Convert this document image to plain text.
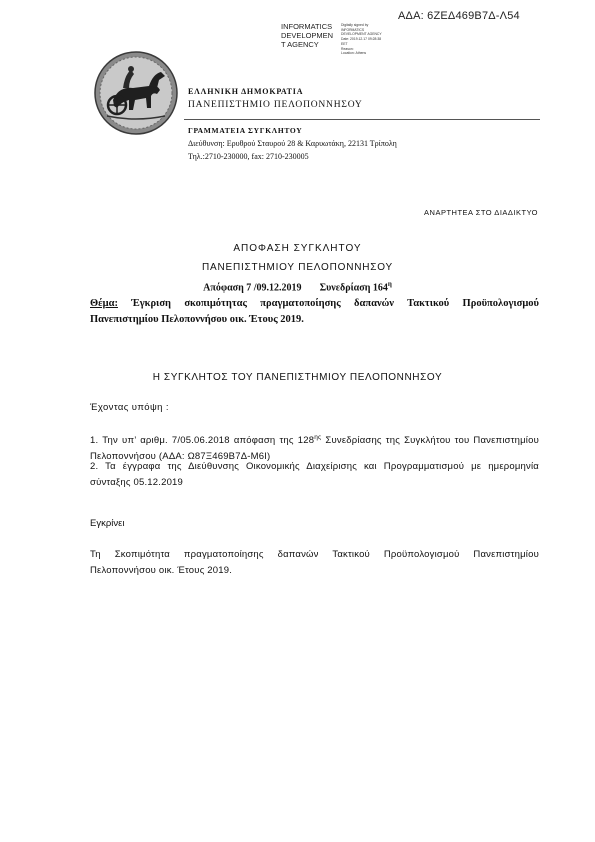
ΑΔΑ: 6ΖΕΔ469Β7Δ-Λ54
INFORMATICS
DEVELOPMEN
T AGENCY
Digitally signed by
INFORMATICS
DEVELOPMENT AGENCY
Date: 2019.12.17 09:28:38
EET
Reason:
Location: Athens
ΕΛΛΗΝΙΚΗ ΔΗΜΟΚΡΑΤΙΑ
ΠΑΝΕΠΙΣΤΗΜΙΟ ΠΕΛΟΠΟΝΝΗΣΟΥ
ΓΡΑΜΜΑΤΕΙΑ ΣΥΓΚΛΗΤΟΥ
Διεύθυνση: Ερυθρού Σταυρού 28 & Καρυωτάκη, 22131 Τρίπολη
Τηλ.:2710-230000, fax: 2710-230005
ΑΝΑΡΤΗΤΕΑ ΣΤΟ ΔΙΑΔΙΚΤΥΟ
ΑΠΟΦΑΣΗ ΣΥΓΚΛΗΤΟΥ
ΠΑΝΕΠΙΣΤΗΜΙΟΥ ΠΕΛΟΠΟΝΝΗΣΟΥ
Απόφαση 7 /09.12.2019 Συνεδρίαση $164^\eta$
Θέμα: Έγκριση σκοπιμότητας πραγματοποίησης δαπανών Τακτικού Προϋπολογισμού Πανεπιστημίου Πελοποννήσου οικ. Έτους 2019.
Η ΣΥΓΚΛΗΤΟΣ ΤΟΥ ΠΑΝΕΠΙΣΤΗΜΙΟΥ ΠΕΛΟΠΟΝΝΗΣΟΥ
Έχοντας υπόψη :
1. Την υπ’ αριθμ. 7/05.06.2018 απόφαση της $128^{\eta\varsigma}$ Συνεδρίασης της Συγκλήτου του Πανεπιστημίου Πελοποννήσου (ΑΔΑ: Ω87Ξ469Β7Δ-Μ6Ι)
2. Τα έγγραφα της Διεύθυνσης Οικονομικής Διαχείρισης και Προγραμματισμού με ημερομηνία σύνταξης 05.12.2019
Εγκρίνει
Τη Σκοπιμότητα πραγματοποίησης δαπανών Τακτικού Προϋπολογισμού Πανεπιστημίου Πελοποννήσου οικ. Έτους 2019.
